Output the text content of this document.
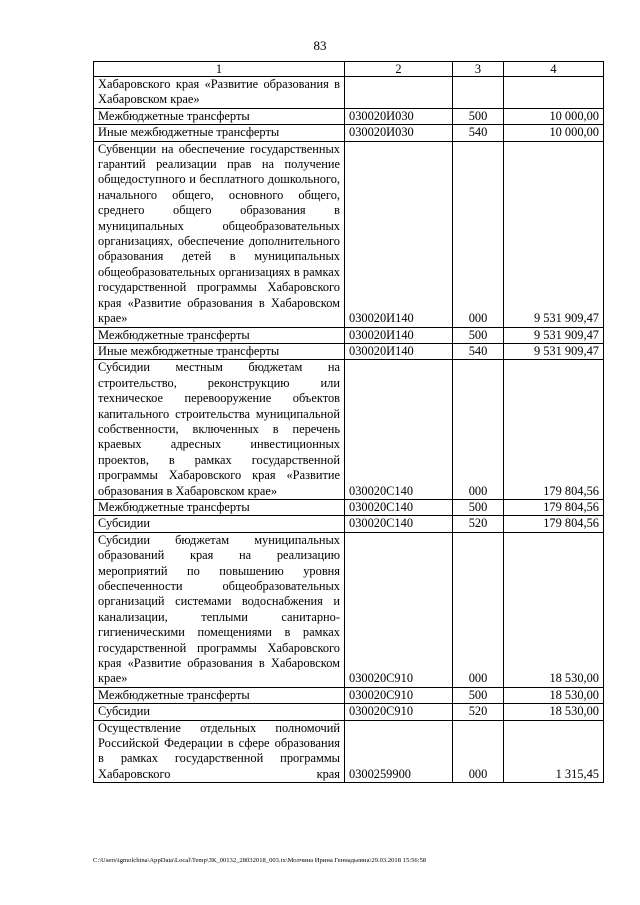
83
1	2	3	4
Хабаровского края «Развитие образования в Хабаровском крае»			
Межбюджетные трансферты	030020И030	500	10 000,00
Иные межбюджетные трансферты	030020И030	540	10 000,00
Субвенции на обеспечение государственных гарантий реализации прав на получение общедоступного и бесплатного дошкольного, начального общего, основного общего, среднего общего образования в муниципальных общеобразовательных организациях, обеспечение дополнительного образования детей в муниципальных общеобразовательных организациях в рамках государственной программы Хабаровского края «Развитие образования в Хабаровском крае»	030020И140	000	9 531 909,47
Межбюджетные трансферты	030020И140	500	9 531 909,47
Иные межбюджетные трансферты	030020И140	540	9 531 909,47
Субсидии местным бюджетам на строительство, реконструкцию или техническое перевооружение объектов капитального строительства муниципальной собственности, включенных в перечень краевых адресных инвестиционных проектов, в рамках государственной программы Хабаровского края «Развитие образования в Хабаровском крае»	030020С140	000	179 804,56
Межбюджетные трансферты	030020С140	500	179 804,56
Субсидии	030020С140	520	179 804,56
Субсидии бюджетам муниципальных образований края на реализацию мероприятий по повышению уровня обеспеченности общеобразовательных организаций системами водоснабжения и канализации, теплыми санитарно-гигиеническими помещениями в рамках государственной программы Хабаровского края «Развитие образования в Хабаровском крае»	030020С910	000	18 530,00
Межбюджетные трансферты	030020С910	500	18 530,00
Субсидии	030020С910	520	18 530,00
Осуществление отдельных полномочий Российской Федерации в сфере образования в рамках государственной программы Хабаровского края	0300259900	000	1 315,45
C:\Users\igmolchina\AppData\Local\Temp\ЗК_00132_28032018_003.tx\Молчина Ирина Геннадьевна\29.03.2018 15:56:58
